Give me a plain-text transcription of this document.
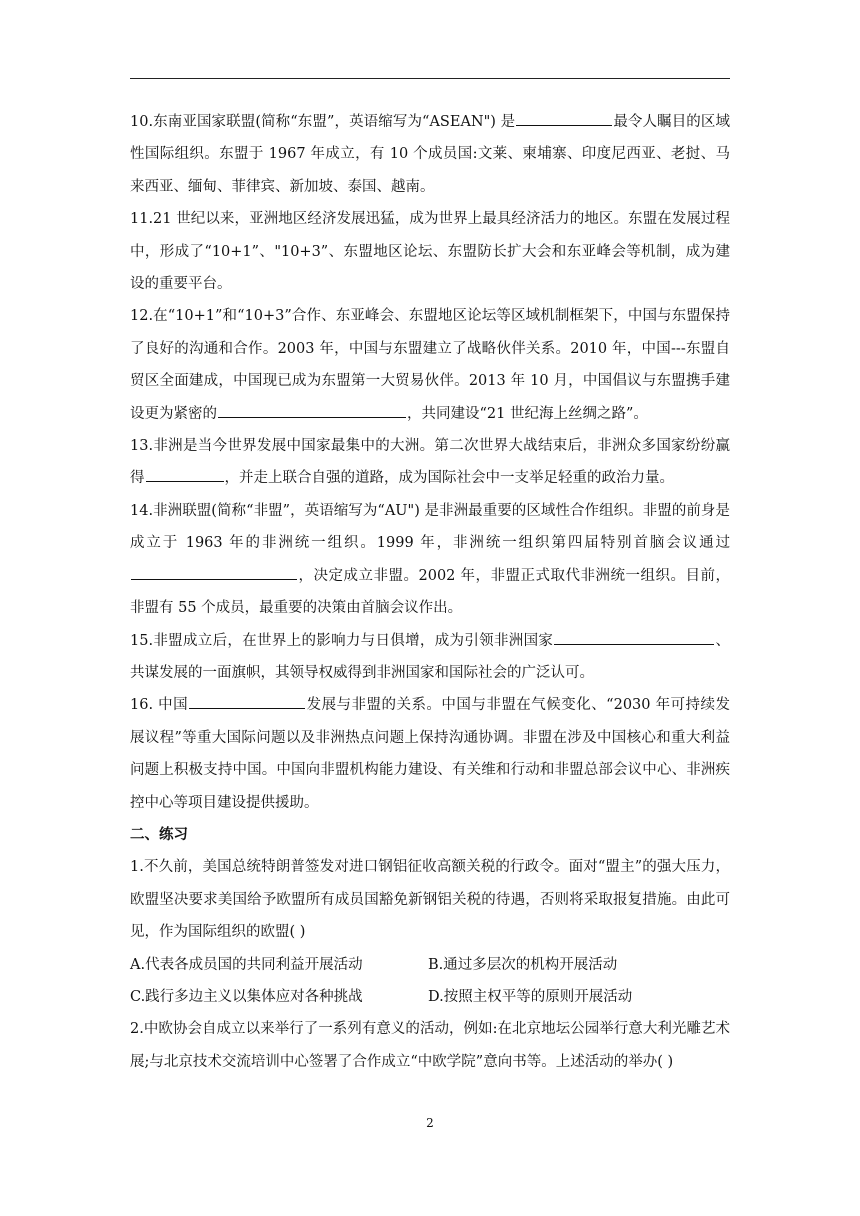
10.东南亚国家联盟(简称“东盟”，英语缩写为“ASEAN") 是	最令人瞩目的区域性国际组织。东盟于 1967 年成立，有 10 个成员国:文莱、柬埔寨、印度尼西亚、老挝、马来西亚、缅甸、菲律宾、新加坡、泰国、越南。

11.21 世纪以来，亚洲地区经济发展迅猛，成为世界上最具经济活力的地区。东盟在发展过程中，形成了“10+1”、"10+3”、东盟地区论坛、东盟防长扩大会和东亚峰会等机制，成为建设的重要平台。

12.在“10+1”和“10+3”合作、东亚峰会、东盟地区论坛等区域机制框架下，中国与东盟保持了良好的沟通和合作。2003 年，中国与东盟建立了战略伙伴关系。2010 年，中国---东盟自贸区全面建成，中国现已成为东盟第一大贸易伙伴。2013 年 10 月，中国倡议与东盟携手建设更为紧密的	，共同建设“21 世纪海上丝绸之路”。

13.非洲是当今世界发展中国家最集中的大洲。第二次世界大战结束后，非洲众多国家纷纷赢得	，并走上联合自强的道路，成为国际社会中一支举足轻重的政治力量。

14.非洲联盟(简称“非盟”，英语缩写为“AU") 是非洲最重要的区域性合作组织。非盟的前身是成立于 1963 年的非洲统一组织。1999 年，非洲统一组织第四届特别首脑会议通过，决定成立非盟。2002 年，非盟正式取代非洲统一组织。目前，非盟有 55 个成员，最重要的决策由首脑会议作出。

15.非盟成立后，在世界上的影响力与日俱增，成为引领非洲国家	、共谋发展的一面旗帜，其领导权威得到非洲国家和国际社会的广泛认可。

16. 中国	发展与非盟的关系。中国与非盟在气候变化、“2030 年可持续发展议程”等重大国际问题以及非洲热点问题上保持沟通协调。非盟在涉及中国核心和重大利益问题上积极支持中国。中国向非盟机构能力建设、有关维和行动和非盟总部会议中心、非洲疾控中心等项目建设提供援助。

二、练习

1.不久前，美国总统特朗普签发对进口钢铝征收高额关税的行政令。面对“盟主”的强大压力，欧盟坚决要求美国给予欧盟所有成员国豁免新钢铝关税的待遇，否则将采取报复措施。由此可见，作为国际组织的欧盟( )

A.代表各成员国的共同利益开展活动	B.通过多层次的机构开展活动
C.践行多边主义以集体应对各种挑战	D.按照主权平等的原则开展活动

2.中欧协会自成立以来举行了一系列有意义的活动，例如:在北京地坛公园举行意大利光雕艺术展;与北京技术交流培训中心签署了合作成立“中欧学院”意向书等。上述活动的举办( )

2
